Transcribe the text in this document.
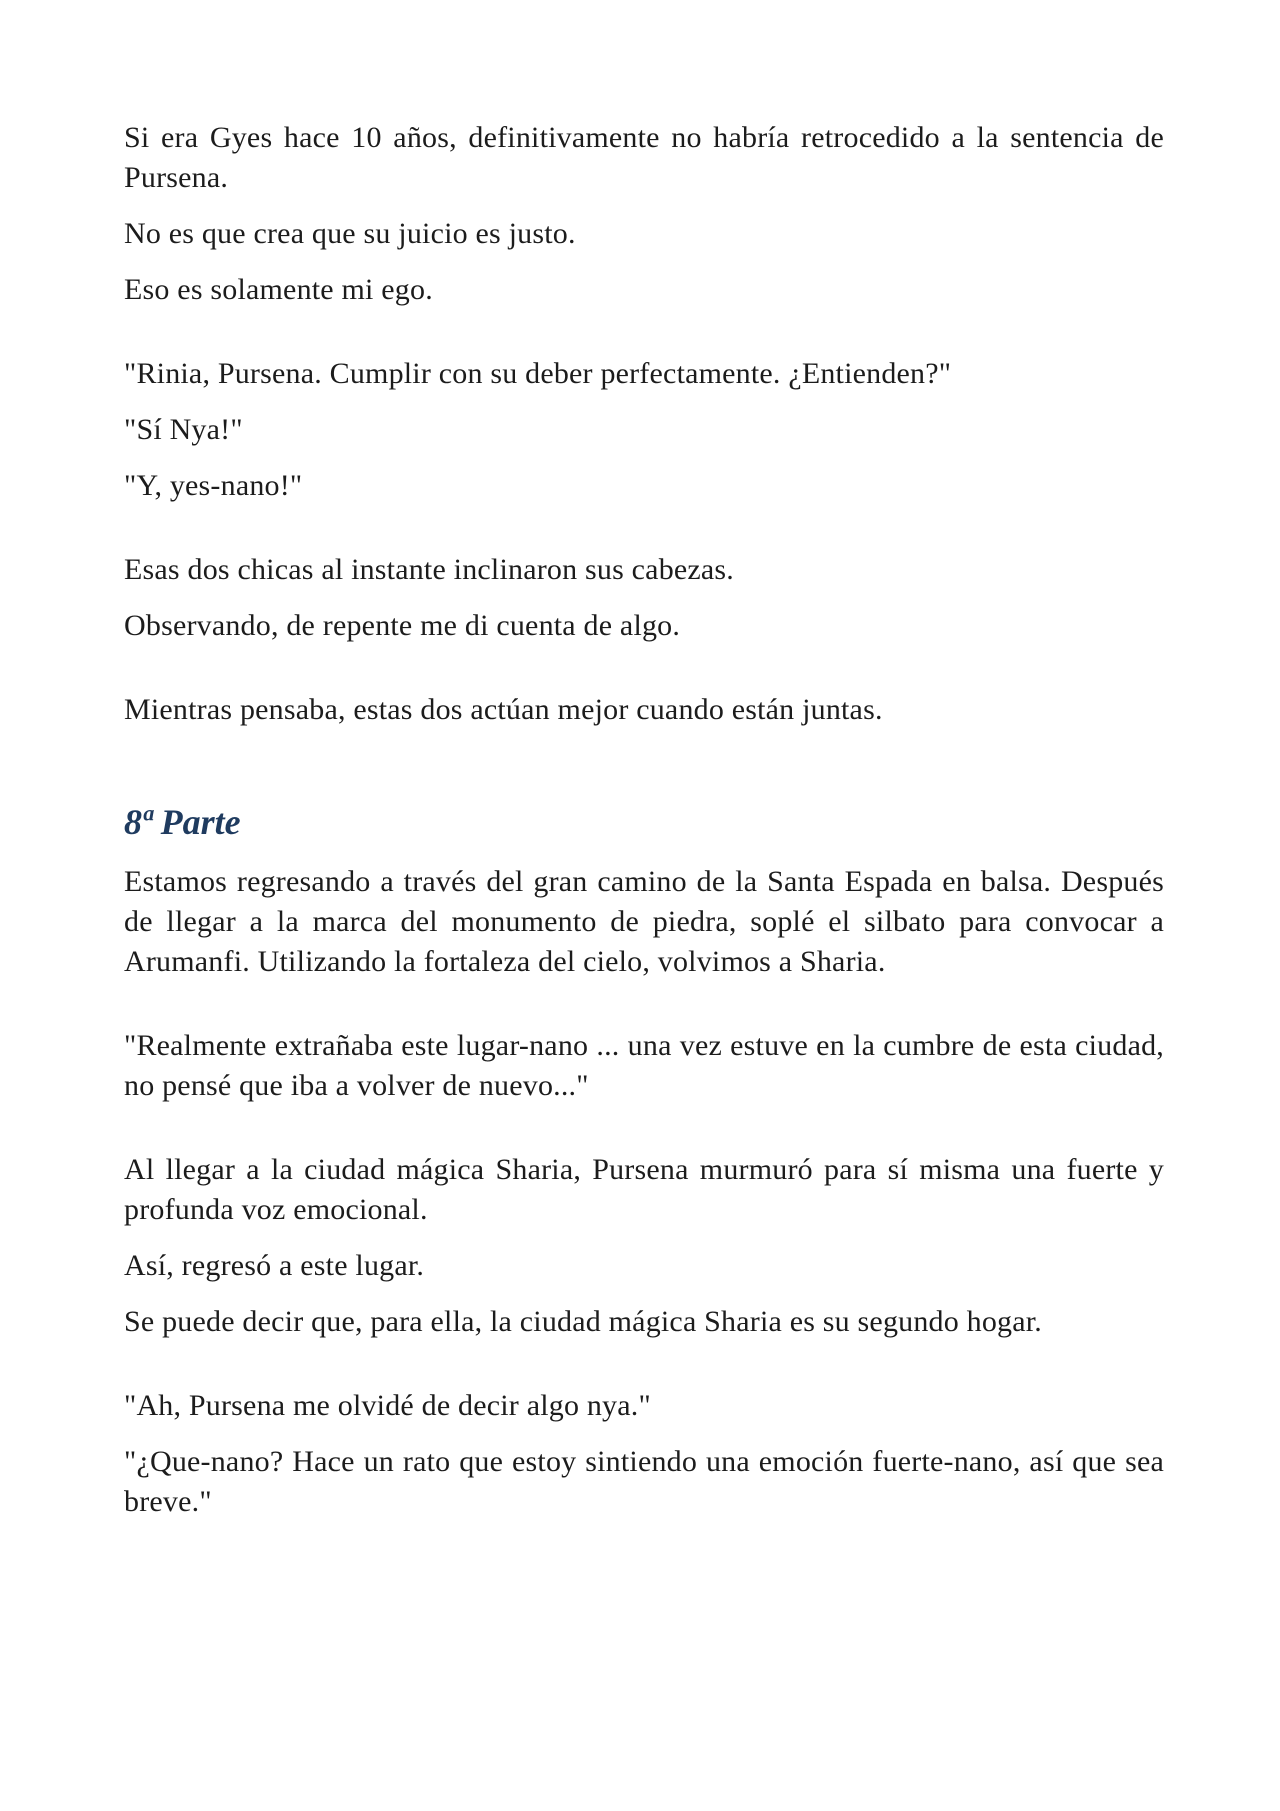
Si era Gyes hace 10 años, definitivamente no habría retrocedido a la sentencia de Pursena.

No es que crea que su juicio es justo.

Eso es solamente mi ego.

"Rinia, Pursena. Cumplir con su deber perfectamente. ¿Entienden?"

"Sí Nya!"

"Y, yes-nano!"

Esas dos chicas al instante inclinaron sus cabezas.

Observando, de repente me di cuenta de algo.

Mientras pensaba, estas dos actúan mejor cuando están juntas.

8ª Parte

Estamos regresando a través del gran camino de la Santa Espada en balsa. Después de llegar a la marca del monumento de piedra, soplé el silbato para convocar a Arumanfi. Utilizando la fortaleza del cielo, volvimos a Sharia.

"Realmente extrañaba este lugar-nano ... una vez estuve en la cumbre de esta ciudad, no pensé que iba a volver de nuevo..."

Al llegar a la ciudad mágica Sharia, Pursena murmuró para sí misma una fuerte y profunda voz emocional.

Así, regresó a este lugar.

Se puede decir que, para ella, la ciudad mágica Sharia es su segundo hogar.

"Ah, Pursena me olvidé de decir algo nya."

"¿Que-nano? Hace un rato que estoy sintiendo una emoción fuerte-nano, así que sea breve."
